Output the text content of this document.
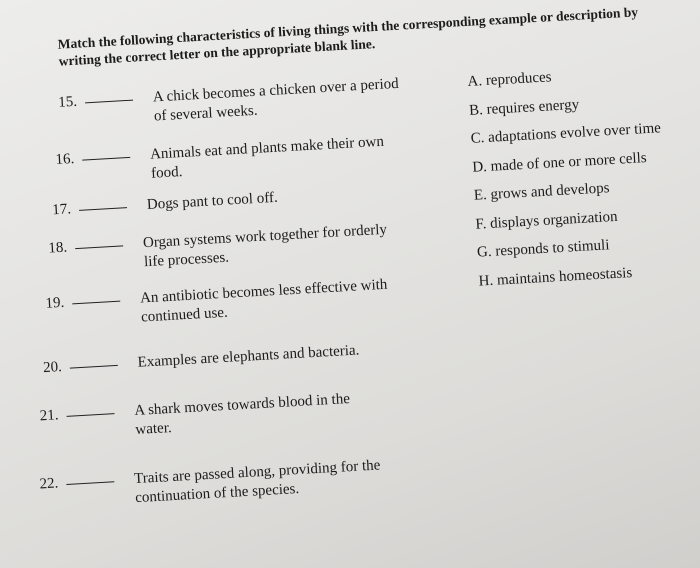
Match the following characteristics of living things with the corresponding example or description by writing the correct letter on the appropriate blank line.
15.	A chick becomes a chicken over a period of several weeks.
16.	Animals eat and plants make their own food.
17.	Dogs pant to cool off.
18.	Organ systems work together for orderly life processes.
19.	An antibiotic becomes less effective with continued use.
20.	Examples are elephants and bacteria.
21.	A shark moves towards blood in the water.
22.	Traits are passed along, providing for the continuation of the species.
A. reproduces
B. requires energy
C. adaptations evolve over time
D. made of one or more cells
E. grows and develops
F. displays organization
G. responds to stimuli
H. maintains homeostasis
